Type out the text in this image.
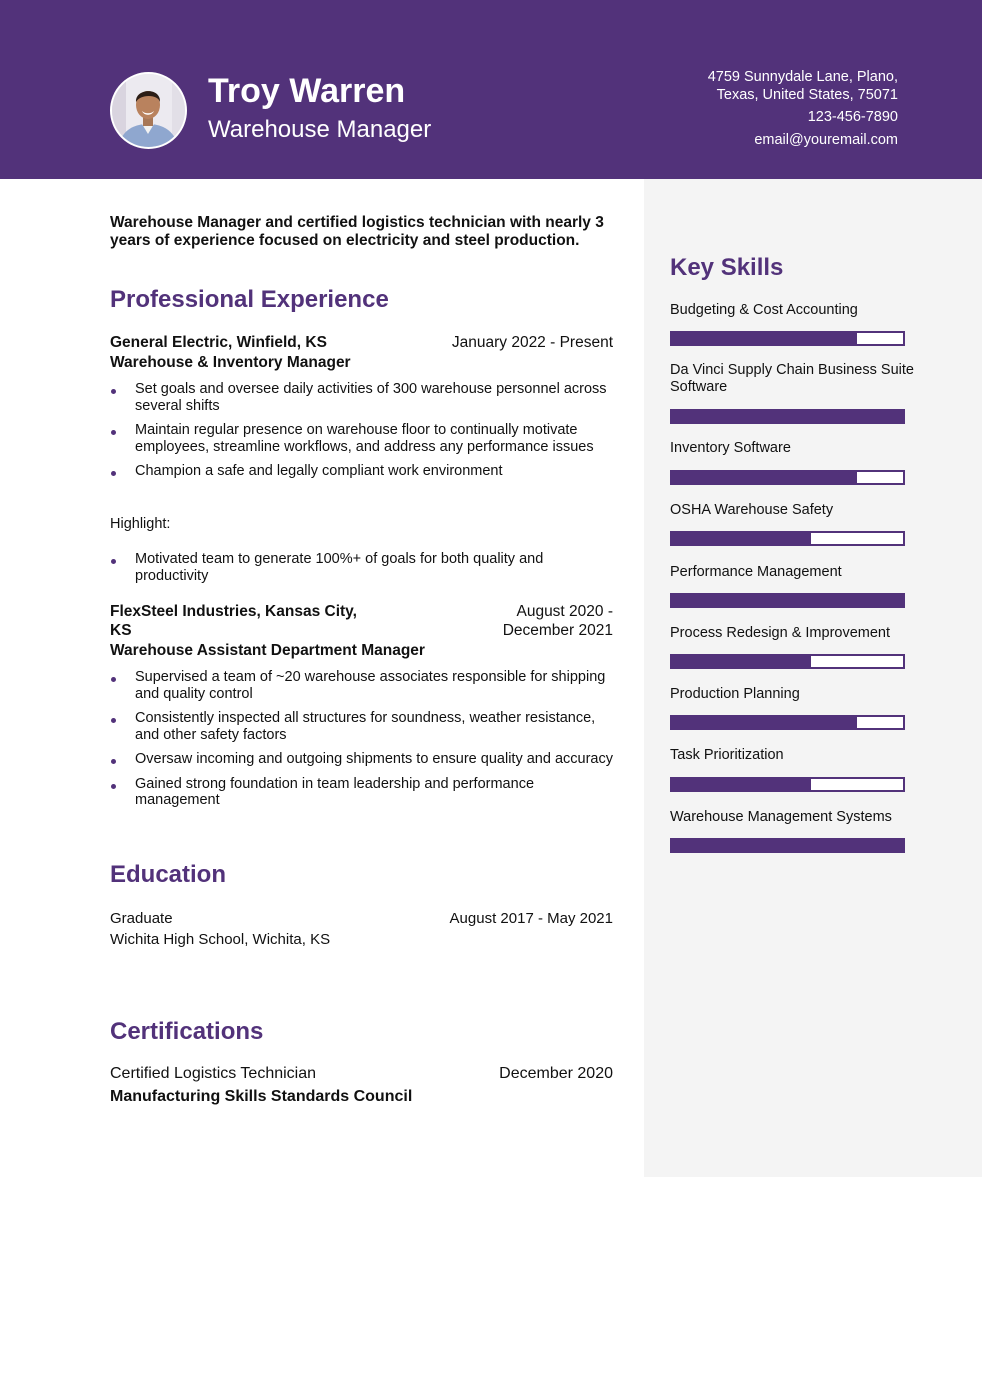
Troy Warren
Warehouse Manager
4759 Sunnydale Lane, Plano,
Texas, United States, 75071
123-456-7890
email@youremail.com
Warehouse Manager and certified logistics technician with nearly 3 years of experience focused on electricity and steel production.
Professional Experience
General Electric, Winfield, KS	January 2022 - Present
Warehouse & Inventory Manager
Set goals and oversee daily activities of 300 warehouse personnel across several shifts
Maintain regular presence on warehouse floor to continually motivate employees, streamline workflows, and address any performance issues
Champion a safe and legally compliant work environment
Highlight:
Motivated team to generate 100%+ of goals for both quality and productivity
FlexSteel Industries, Kansas City, KS
August 2020 - December 2021
Warehouse Assistant Department Manager
Supervised a team of ~20 warehouse associates responsible for shipping and quality control
Consistently inspected all structures for soundness, weather resistance, and other safety factors
Oversaw incoming and outgoing shipments to ensure quality and accuracy
Gained strong foundation in team leadership and performance management
Education
Graduate	August 2017 - May 2021
Wichita High School, Wichita, KS
Certifications
Certified Logistics Technician	December 2020
Manufacturing Skills Standards Council
Key Skills
Budgeting & Cost Accounting
Da Vinci Supply Chain Business Suite Software
Inventory Software
OSHA Warehouse Safety
Performance Management
Process Redesign & Improvement
Production Planning
Task Prioritization
Warehouse Management Systems
